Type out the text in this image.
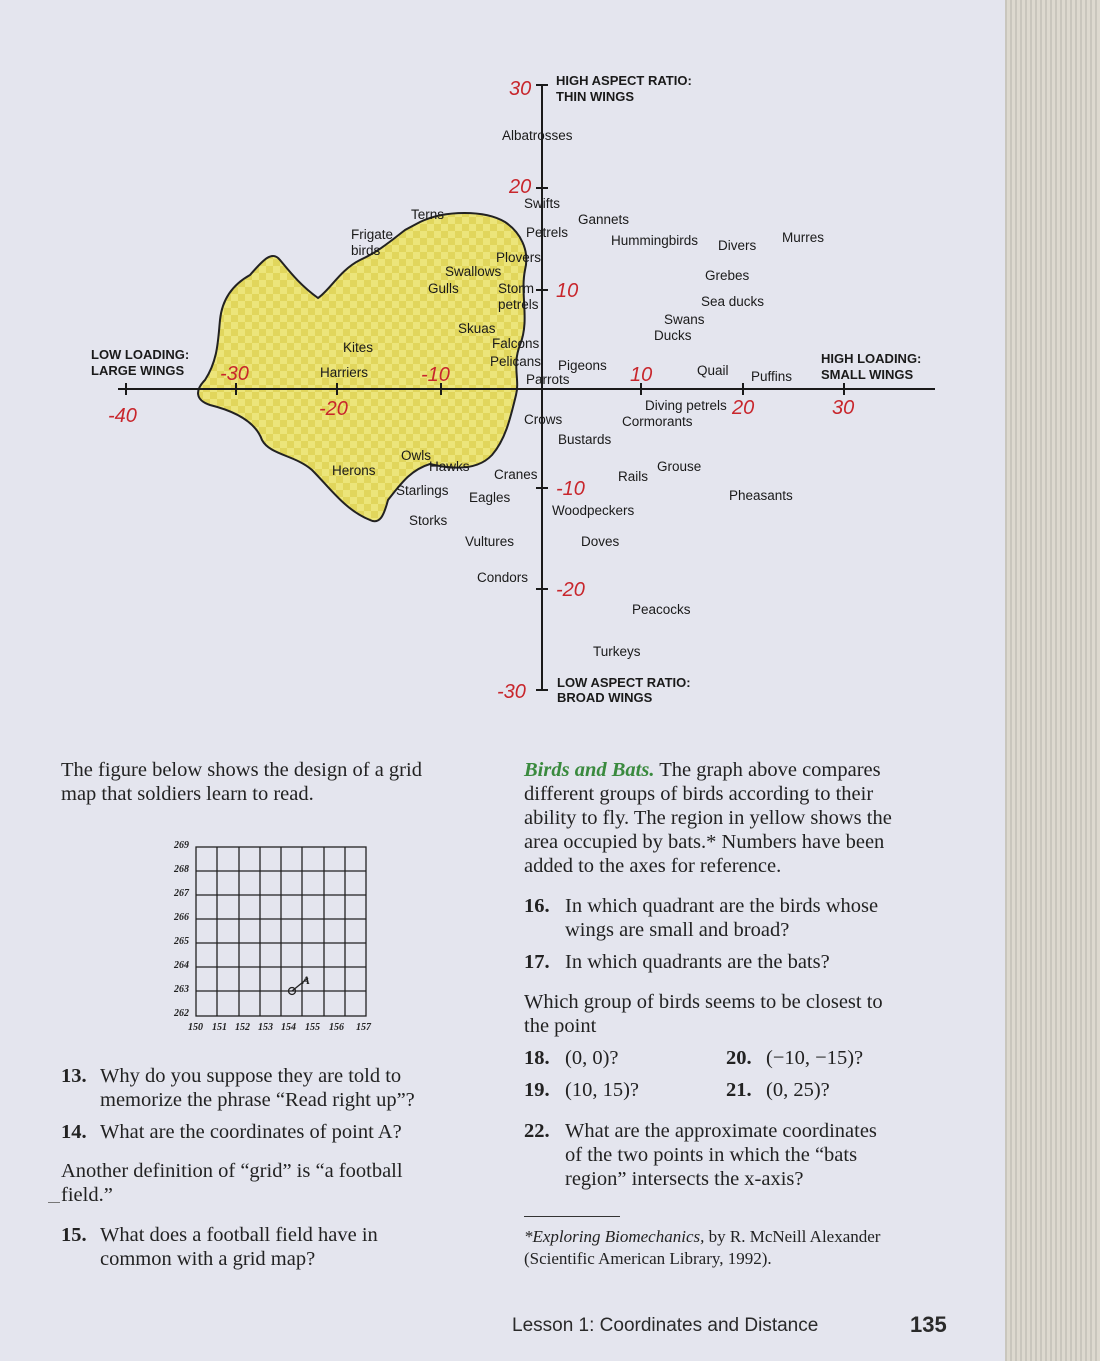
30 HIGH ASPECT RATIO:
THIN WINGS
-30 LOW ASPECT RATIO:
BROAD WINGS
LOW LOADING:
LARGE WINGS
HIGH LOADING:
SMALL WINGS
20
10
-10
-20
-40
-30
-20
-10	10
20	30
Albatrosses
Swifts
Petrels
Gannets
Hummingbirds Divers
Murres
Terns
Frigate
birds	Plovers
Swallows
Gulls	Storm
petrels
Grebes
Sea ducks
Swans
Ducks
Skuas
Kites	Falcons
Pelicans Pigeons
Parrots
Harriers	Quail Puffins
Diving petrels
Cormorants
Crows
Bustards
Owls
Hawks
Herons	Cranes
Grouse
Rails
Starlings Eagles	Pheasants
Woodpeckers
Storks
Vultures	Doves
Condors
Peacocks
Turkeys
The figure below shows the design of a grid
map that soldiers learn to read.
A
269
268
267
266
265
264
263
262
150 151 152 153 154 155 156 157
13. Why do you suppose they are told to
memorize the phrase “Read right up”?
14. What are the coordinates of point A?
Another definition of “grid” is “a football
field.”
15. What does a football field have in
common with a grid map?
Birds and Bats. The graph above compares
different groups of birds according to their
ability to fly. The region in yellow shows the
area occupied by bats.* Numbers have been
added to the axes for reference.
16. In which quadrant are the birds whose
wings are small and broad?
17. In which quadrants are the bats?
Which group of birds seems to be closest to
the point
18. (0, 0)?
19. (10, 15)?
20. (−10, −15)?
21. (0, 25)?
22. What are the approximate coordinates
of the two points in which the “bats
region” intersects the x-axis?
*Exploring Biomechanics, by R. McNeill Alexander
(Scientific American Library, 1992).
Lesson 1: Coordinates and Distance	135
